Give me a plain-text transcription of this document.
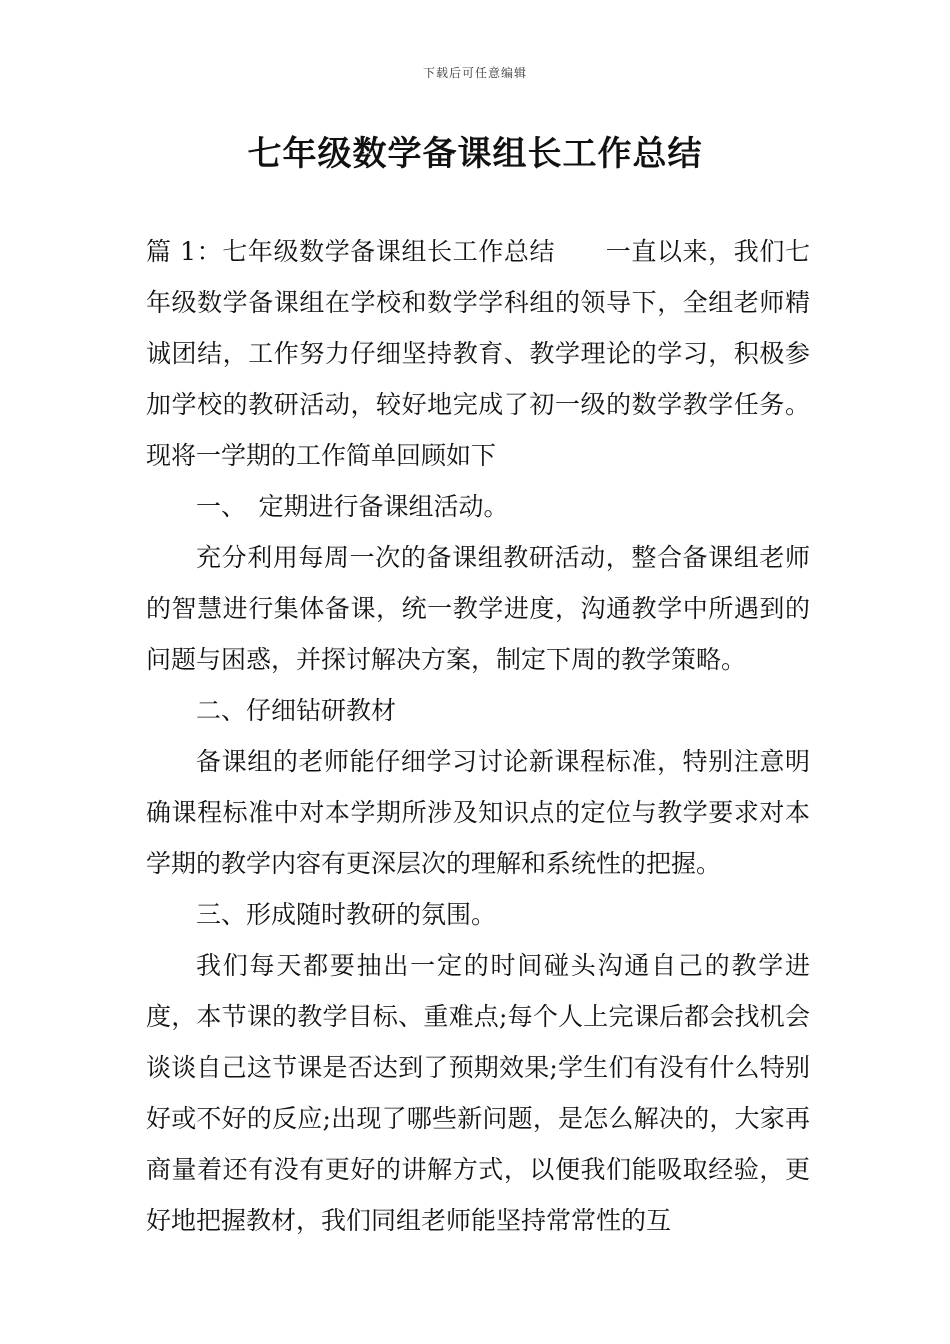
下载后可任意编辑
七年级数学备课组长工作总结

篇 1：七年级数学备课组长工作总结 一直以来，我们七年级数学备课组在学校和数学学科组的领导下，全组老师精诚团结，工作努力仔细坚持教育、教学理论的学习，积极参加学校的教研活动，较好地完成了初一级的数学教学任务。现将一学期的工作简单回顾如下

一、　定期进行备课组活动。

充分利用每周一次的备课组教研活动，整合备课组老师的智慧进行集体备课，统一教学进度，沟通教学中所遇到的问题与困惑，并探讨解决方案，制定下周的教学策略。

二、仔细钻研教材

备课组的老师能仔细学习讨论新课程标准，特别注意明确课程标准中对本学期所涉及知识点的定位与教学要求对本学期的教学内容有更深层次的理解和系统性的把握。

三、形成随时教研的氛围。

我们每天都要抽出一定的时间碰头沟通自己的教学进度，本节课的教学目标、重难点;每个人上完课后都会找机会谈谈自己这节课是否达到了预期效果;学生们有没有什么特别好或不好的反应;出现了哪些新问题，是怎么解决的，大家再商量着还有没有更好的讲解方式，以便我们能吸取经验，更好地把握教材，我们同组老师能坚持常常性的互
